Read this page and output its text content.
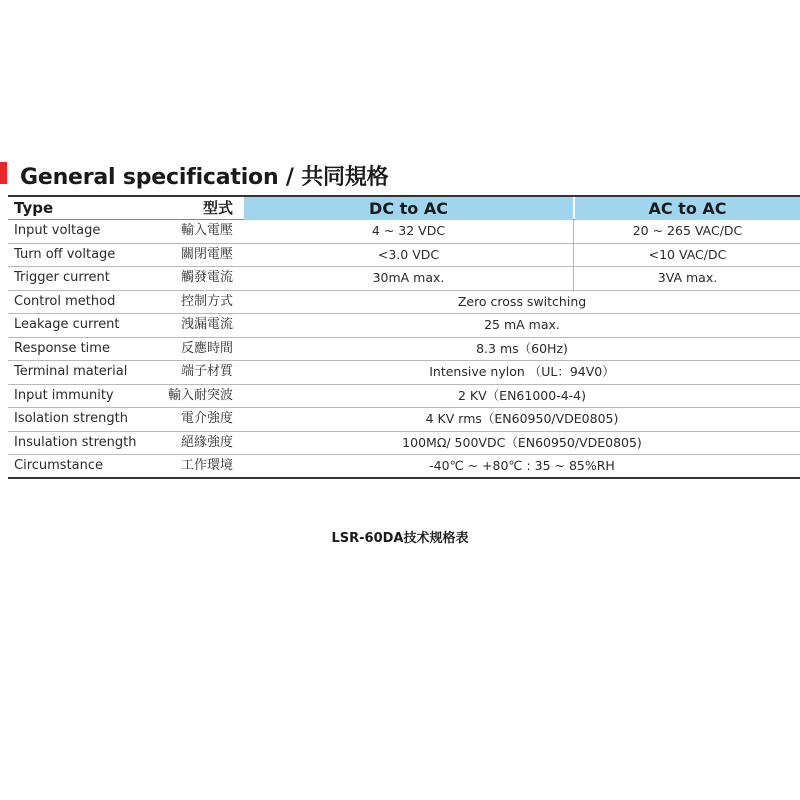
General specification / 共同規格
Type	型式	DC to AC	AC to AC
Input voltage	輸入電壓	4 ~ 32 VDC	20 ~ 265 VAC/DC
Turn off voltage	關閉電壓	<3.0 VDC	<10 VAC/DC
Trigger current	觸發電流	30mA max.	3VA max.
Control method	控制方式	Zero cross switching
Leakage current	洩漏電流	25 mA max.
Response time	反應時間	8.3 ms（60Hz)
Terminal material	端子材質	Intensive nylon （UL：94V0）
Input immunity	輸入耐突波	2 KV（EN61000-4-4)
Isolation strength	電介強度	4 KV rms（EN60950/VDE0805)
Insulation strength	絕緣強度	100MΩ/ 500VDC（EN60950/VDE0805)
Circumstance	工作環境	-40℃ ~ +80℃ : 35 ~ 85%RH
LSR-60DA技术规格表
